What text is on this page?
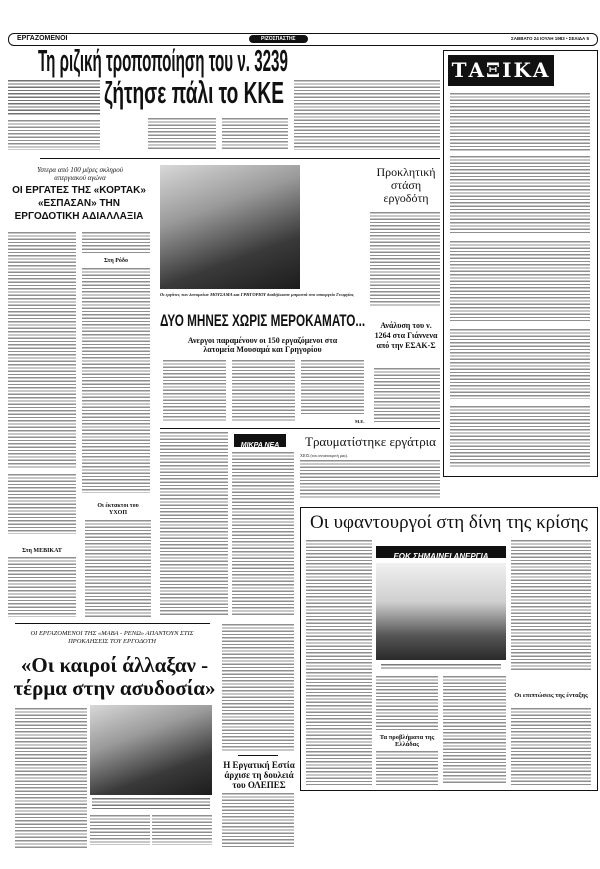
ΕΡΓΑΖΟΜΕΝΟΙ	ΡΙΖΟΣΠΑΣΤΗΣ	ΣΑΒΒΑΤΟ 24 ΙΟΥΛΗ 1983 • ΣΕΛΙΔΑ 5
Τη ριζική τροποποίηση του ν. 3239
ζήτησε πάλι το ΚΚΕ
ΤΑΞΙΚΑ
Υστερα από 100 μέρες σκληρού απεργιακού αγώνα
ΟΙ ΕΡΓΑΤΕΣ ΤΗΣ «ΚΟΡΤΑΚ» «ΕΣΠΑΣΑΝ» ΤΗΝ ΕΡΓΟΔΟΤΙΚΗ ΑΔΙΑΛΛΑΞΙΑ
Στη Ρόδο
Στη ΜΕΒΙΚΑΤ
Οι έκτακτοι του ΥΧΟΠ
Οι εργάτες των λατομείων ΜΟΥΣΑΜΑ και ΓΡΗΓΟΡΙΟΥ διαδήλωσαν μπροστά στο υπουργείο Γεωργίας
Προκλητική στάση εργοδότη
ΔΥΟ ΜΗΝΕΣ ΧΩΡΙΣ ΜΕΡΟΚΑΜΑΤΟ...
Ανεργοι παραμένουν οι 150 εργαζόμενοι στα λατομεία Μουσαμά και Γρηγορίου
Μ.Ε.
Ανάλυση του ν. 1264 στα Γιάννενα από την ΕΣΑΚ-Σ
ΜΙΚΡΑ ΝΕΑ	Τραυματίστηκε εργάτρια
ΧΙΟΣ (του ανταποκριτή μας).
Οι υφαντουργοί στη δίνη της κρίσης
ΕΟΚ ΣΗΜΑΙΝΕΙ ΑΝΕΡΓΙΑ
Τα προβλήματα της Ελλάδας
Οι επιπτώσεις της ένταξης
ΟΙ ΕΡΓΑΖΟΜΕΝΟΙ ΤΗΣ «ΜΑΒΑ - ΡΕΝΩ» ΑΠΑΝΤΟΥΝ ΣΤΙΣ ΠΡΟΚΛΗΣΕΙΣ ΤΟΥ ΕΡΓΟΔΟΤΗ
«Οι καιροί άλλαξαν - τέρμα στην ασυδοσία»
Η Εργατική Εστία άρχισε τη δουλειά του ΟΛΕΠΕΣ
